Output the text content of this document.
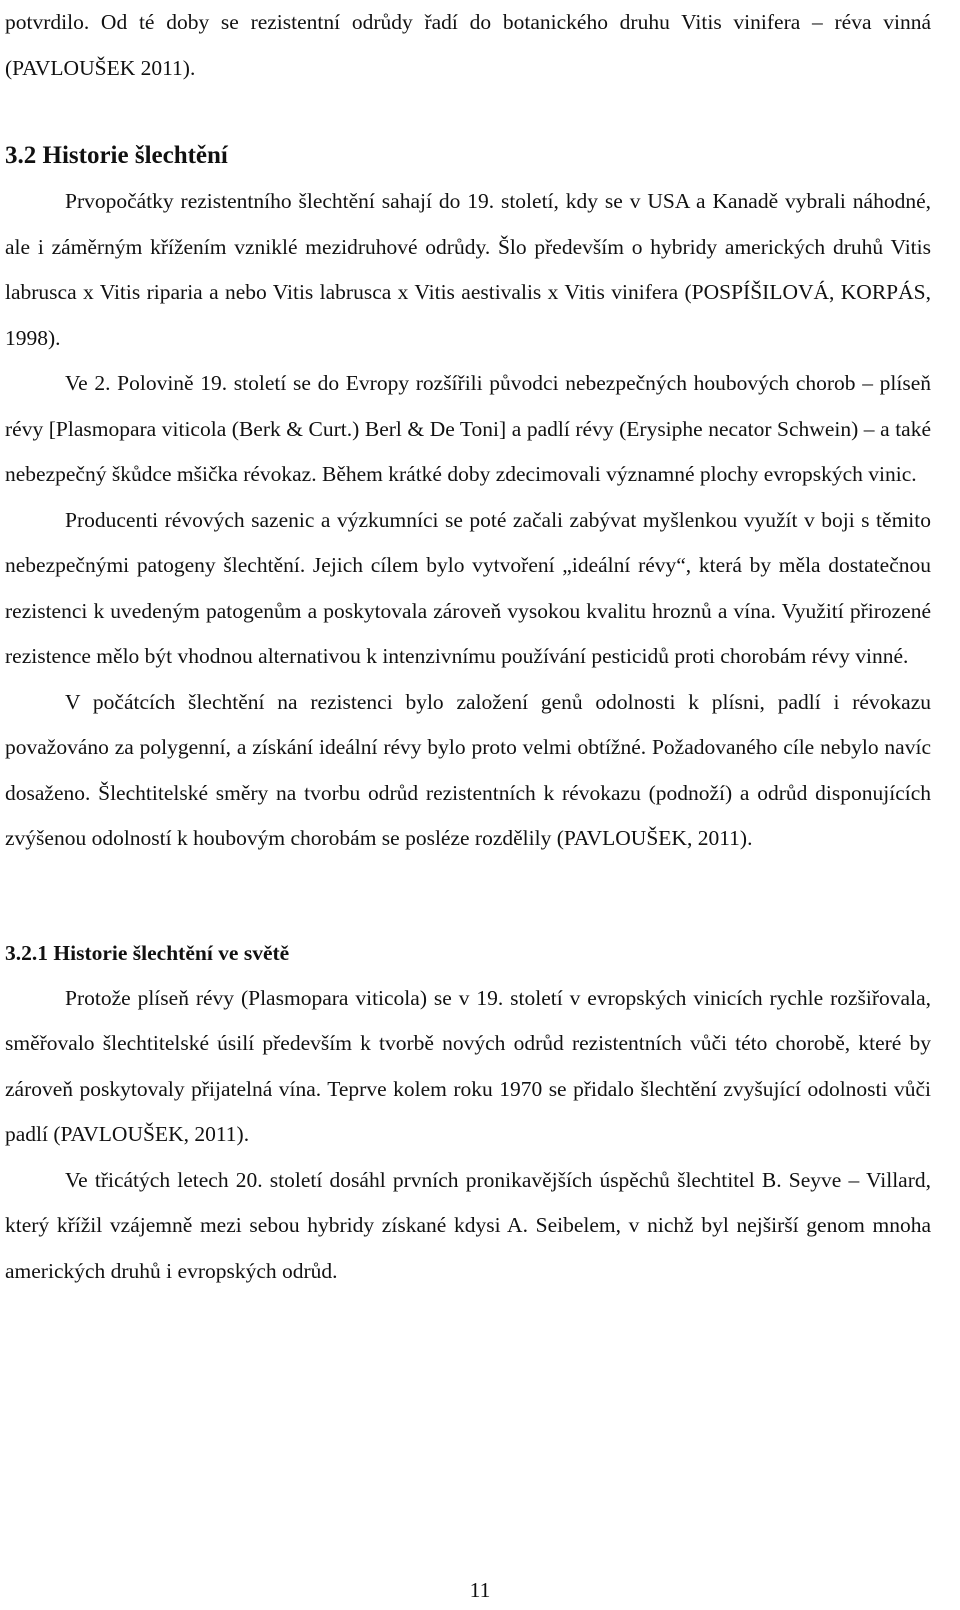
potvrdilo. Od té doby se rezistentní odrůdy řadí do botanického druhu Vitis vinifera – réva vinná (PAVLOUŠEK 2011).

3.2 Historie šlechtění

Prvopočátky rezistentního šlechtění sahají do 19. století, kdy se v USA a Kanadě vybrali náhodné, ale i záměrným křížením vzniklé mezidruhové odrůdy. Šlo především o hybridy amerických druhů Vitis labrusca x Vitis riparia a nebo Vitis labrusca x Vitis aestivalis x Vitis vinifera (POSPÍŠILOVÁ, KORPÁS, 1998).

Ve 2. Polovině 19. století se do Evropy rozšířili původci nebezpečných houbových chorob – plíseň révy [Plasmopara viticola (Berk & Curt.) Berl & De Toni] a padlí révy (Erysiphe necator Schwein) – a také nebezpečný škůdce mšička révokaz. Během krátké doby zdecimovali významné plochy evropských vinic.

Producenti révových sazenic a výzkumníci se poté začali zabývat myšlenkou využít v boji s těmito nebezpečnými patogeny šlechtění. Jejich cílem bylo vytvoření „ideální révy“, která by měla dostatečnou rezistenci k uvedeným patogenům a poskytovala zároveň vysokou kvalitu hroznů a vína. Využití přirozené rezistence mělo být vhodnou alternativou k intenzivnímu používání pesticidů proti chorobám révy vinné.

V počátcích šlechtění na rezistenci bylo založení genů odolnosti k plísni, padlí i révokazu považováno za polygenní, a získání ideální révy bylo proto velmi obtížné. Požadovaného cíle nebylo navíc dosaženo. Šlechtitelské směry na tvorbu odrůd rezistentních k révokazu (podnoží) a odrůd disponujících zvýšenou odolností k houbovým chorobám se posléze rozdělily (PAVLOUŠEK, 2011).

3.2.1 Historie šlechtění ve světě

Protože plíseň révy (Plasmopara viticola) se v 19. století v evropských vinicích rychle rozšiřovala, směřovalo šlechtitelské úsilí především k tvorbě nových odrůd rezistentních vůči této chorobě, které by zároveň poskytovaly přijatelná vína. Teprve kolem roku 1970 se přidalo šlechtění zvyšující odolnosti vůči padlí (PAVLOUŠEK, 2011).

Ve třicátých letech 20. století dosáhl prvních pronikavějších úspěchů šlechtitel B. Seyve – Villard, který křížil vzájemně mezi sebou hybridy získané kdysi A. Seibelem, v nichž byl nejširší genom mnoha amerických druhů i evropských odrůd.

11
